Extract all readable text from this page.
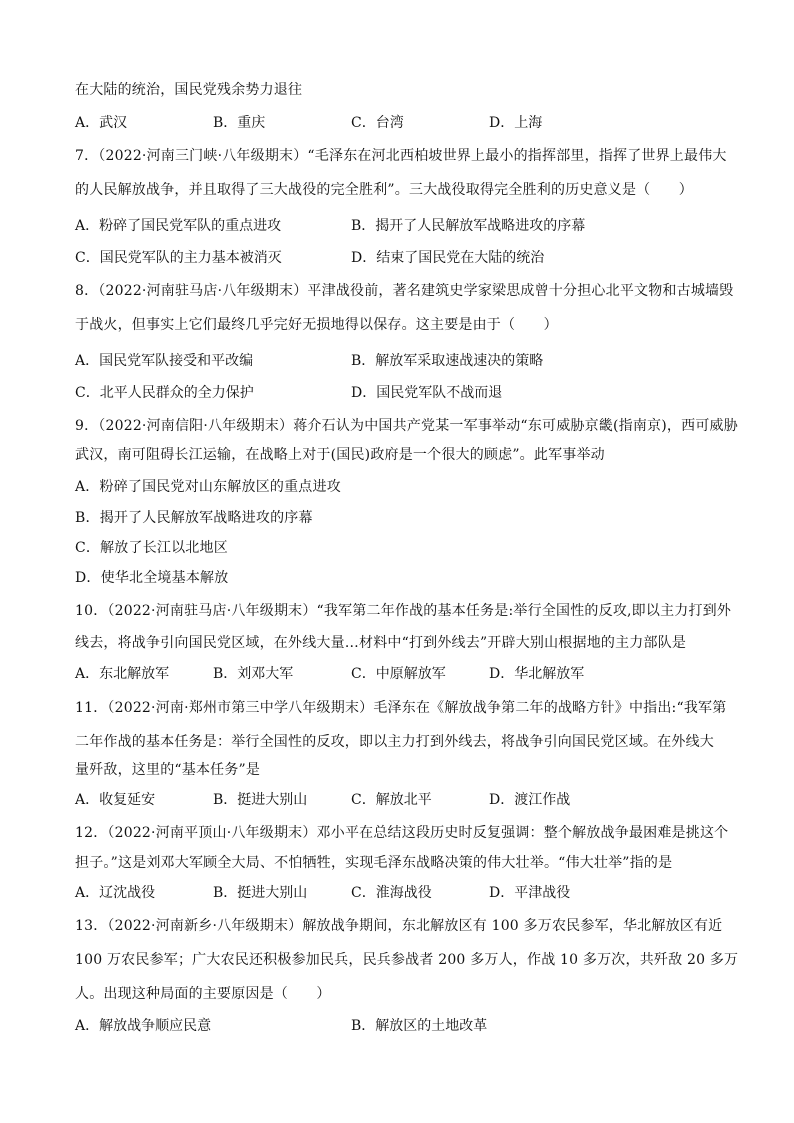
在大陆的统治，国民党残余势力退往
A．武汉	B．重庆	C．台湾	D．上海
7．（2022·河南三门峡·八年级期末）“毛泽东在河北西柏坡世界上最小的指挥部里，指挥了世界上最伟大
的人民解放战争，并且取得了三大战役的完全胜利”。三大战役取得完全胜利的历史意义是（　　）
A．粉碎了国民党军队的重点进攻	B．揭开了人民解放军战略进攻的序幕
C．国民党军队的主力基本被消灭	D．结束了国民党在大陆的统治
8．（2022·河南驻马店·八年级期末）平津战役前，著名建筑史学家梁思成曾十分担心北平文物和古城墙毁
于战火，但事实上它们最终几乎完好无损地得以保存。这主要是由于（　　）
A．国民党军队接受和平改编	B．解放军采取速战速决的策略
C．北平人民群众的全力保护	D．国民党军队不战而退
9．（2022·河南信阳·八年级期末）蒋介石认为中国共产党某一军事举动“东可威胁京畿(指南京)，西可威胁
武汉，南可阻碍长江运输，在战略上对于(国民)政府是一个很大的顾虑”。此军事举动
A．粉碎了国民党对山东解放区的重点进攻
B．揭开了人民解放军战略进攻的序幕
C．解放了长江以北地区
D．使华北全境基本解放
10．（2022·河南驻马店·八年级期末）“我军第二年作战的基本任务是:举行全国性的反攻,即以主力打到外
线去，将战争引向国民党区域，在外线大量…材料中“打到外线去”开辟大别山根据地的主力部队是
A．东北解放军	B．刘邓大军	C．中原解放军	D．华北解放军
11．（2022·河南·郑州市第三中学八年级期末）毛泽东在《解放战争第二年的战略方针》中指出:“我军第
二年作战的基本任务是：举行全国性的反攻，即以主力打到外线去，将战争引向国民党区域。在外线大
量歼敌，这里的“基本任务”是
A．收复延安	B．挺进大别山	C．解放北平	D．渡江作战
12．（2022·河南平顶山·八年级期末）邓小平在总结这段历史时反复强调：整个解放战争最困难是挑这个
担子。”这是刘邓大军顾全大局、不怕牺牲，实现毛泽东战略决策的伟大壮举。“伟大壮举”指的是
A．辽沈战役	B．挺进大别山	C．淮海战役	D．平津战役
13．（2022·河南新乡·八年级期末）解放战争期间，东北解放区有 100 多万农民参军，华北解放区有近
100 万农民参军；广大农民还积极参加民兵，民兵参战者 200 多万人，作战 10 多万次，共歼敌 20 多万
人。出现这种局面的主要原因是（　　）
A．解放战争顺应民意	B．解放区的土地改革
